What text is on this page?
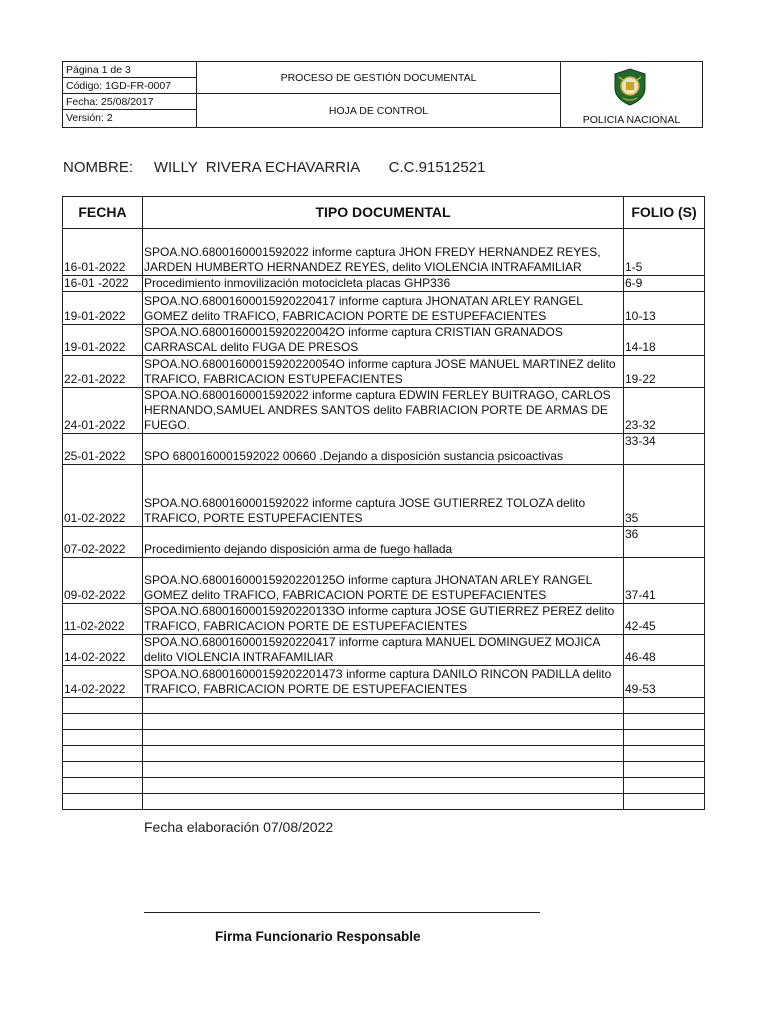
Página 1 de 3
Código: 1GD-FR-0007
Fecha: 25/08/2017
Versión: 2
PROCESO DE GESTIÓN DOCUMENTAL
HOJA DE CONTROL
POLICIA NACIONAL
NOMBRE:     WILLY  RIVERA ECHAVARRIA       C.C.91512521
FECHA	TIPO DOCUMENTAL	FOLIO (S)
16-01-2022	SPOA.NO.6800160001592022 informe captura JHON FREDY HERNANDEZ REYES, JARDEN HUMBERTO HERNANDEZ REYES, delito VIOLENCIA INTRAFAMILIAR	1-5
16-01 -2022	Procedimiento inmovilización motocicleta placas GHP336	6-9
19-01-2022	SPOA.NO.68001600015920220417 informe captura JHONATAN ARLEY RANGEL GOMEZ delito TRAFICO, FABRICACION PORTE DE ESTUPEFACIENTES	10-13
19-01-2022	SPOA.NO.68001600015920220042O informe captura CRISTIAN GRANADOS CARRASCAL delito FUGA DE PRESOS	14-18
22-01-2022	SPOA.NO.68001600015920220054O informe captura JOSE MANUEL MARTINEZ delito TRAFICO, FABRICACION ESTUPEFACIENTES	19-22
24-01-2022	SPOA.NO.6800160001592022 informe captura EDWIN FERLEY BUITRAGO, CARLOS HERNANDO,SAMUEL ANDRES SANTOS delito FABRIACION PORTE DE ARMAS DE FUEGO.	23-32
25-01-2022	SPO 6800160001592022 00660 .Dejando a disposición sustancia psicoactivas	33-34
01-02-2022	SPOA.NO.6800160001592022 informe captura JOSE GUTIERREZ TOLOZA delito TRAFICO, PORTE ESTUPEFACIENTES	35
07-02-2022	Procedimiento dejando disposición arma de fuego hallada	36
09-02-2022	SPOA.NO.68001600015920220125O informe captura JHONATAN ARLEY RANGEL GOMEZ delito TRAFICO, FABRICACION PORTE DE ESTUPEFACIENTES	37-41
11-02-2022	SPOA.NO.68001600015920220133O informe captura JOSE GUTIERREZ PEREZ delito TRAFICO, FABRICACION PORTE DE ESTUPEFACIENTES	42-45
14-02-2022	SPOA.NO.68001600015920220417 informe captura MANUEL DOMINGUEZ MOJICA delito VIOLENCIA INTRAFAMILIAR	46-48
14-02-2022	SPOA.NO.68001600015920220147З informe captura DANILO RINCON PADILLA delito TRAFICO, FABRICACION PORTE DE ESTUPEFACIENTES	49-53

Fecha elaboración 07/08/2022
Firma Funcionario Responsable
